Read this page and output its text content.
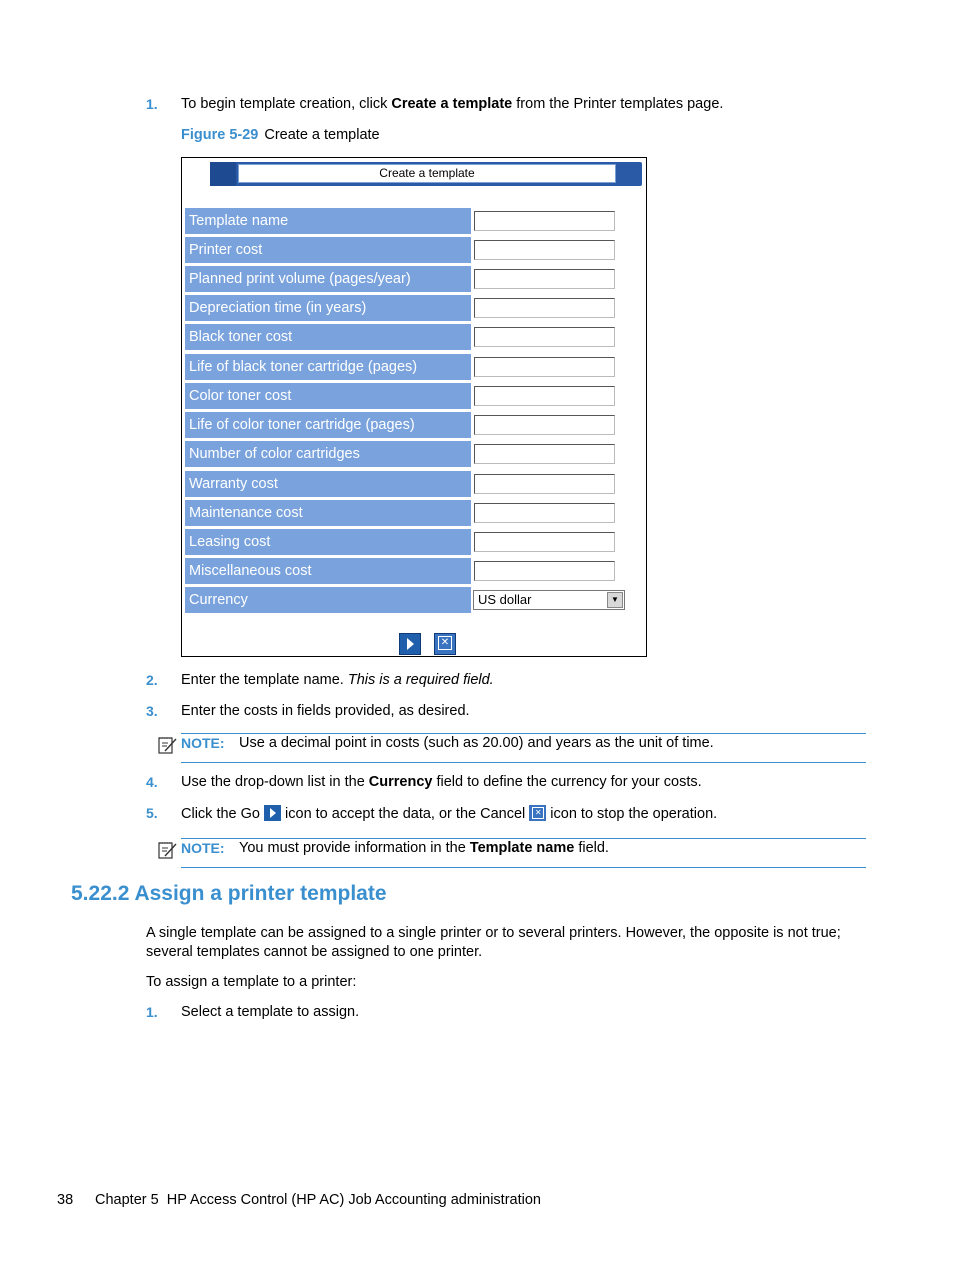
1. To begin template creation, click Create a template from the Printer templates page.
Figure 5-29 Create a template
Create a template
Template name
Printer cost
Planned print volume (pages/year)
Depreciation time (in years)
Black toner cost
Life of black toner cartridge (pages)
Color toner cost
Life of color toner cartridge (pages)
Number of color cartridges
Warranty cost
Maintenance cost
Leasing cost
Miscellaneous cost
Currency	US dollar	▼
✕
2. Enter the template name. This is a required field.
3. Enter the costs in fields provided, as desired.
NOTE: Use a decimal point in costs (such as 20.00) and years as the unit of time.
4. Use the drop-down list in the Currency field to define the currency for your costs.
5. Click the Go  icon to accept the data, or the Cancel ✕ icon to stop the operation.
NOTE: You must provide information in the Template name field.
5.22.2 Assign a printer template
A single template can be assigned to a single printer or to several printers. However, the opposite is not true; several templates cannot be assigned to one printer.
To assign a template to a printer:
1. Select a template to assign.
38 Chapter 5  HP Access Control (HP AC) Job Accounting administration
